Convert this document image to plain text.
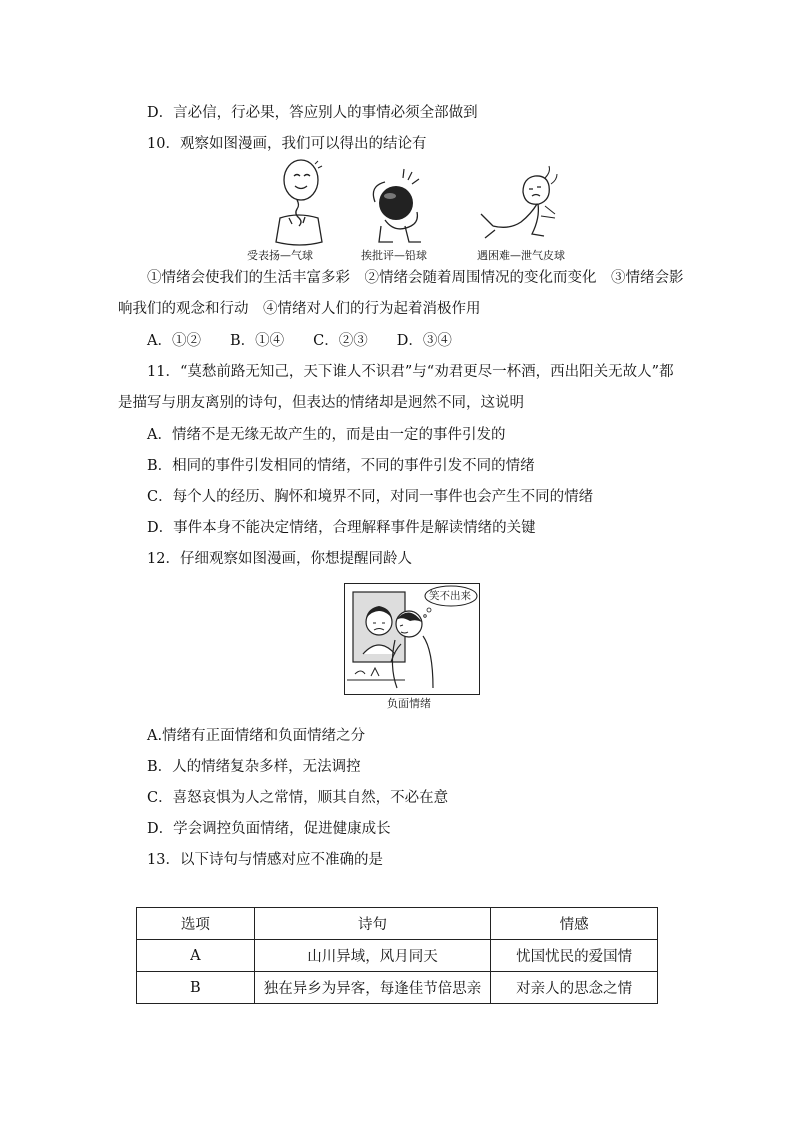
D．言必信，行必果，答应别人的事情必须全部做到
10．观察如图漫画，我们可以得出的结论有
受表扬—气球	挨批评—铅球	遇困难—泄气皮球
①情绪会使我们的生活丰富多彩　②情绪会随着周围情况的变化而变化　③情绪会影
响我们的观念和行动　④情绪对人们的行为起着消极作用
A．①②　　B．①④　　C．②③　　D．③④
11．“莫愁前路无知己，天下谁人不识君”与“劝君更尽一杯酒，西出阳关无故人”都
是描写与朋友离别的诗句，但表达的情绪却是迥然不同，这说明
A．情绪不是无缘无故产生的，而是由一定的事件引发的
B．相同的事件引发相同的情绪，不同的事件引发不同的情绪
C．每个人的经历、胸怀和境界不同，对同一事件也会产生不同的情绪
D．事件本身不能决定情绪，合理解释事件是解读情绪的关键
12．仔细观察如图漫画，你想提醒同龄人
笑不出来
负面情绪
A.情绪有正面情绪和负面情绪之分
B．人的情绪复杂多样，无法调控
C．喜怒哀惧为人之常情，顺其自然，不必在意
D．学会调控负面情绪，促进健康成长
13．以下诗句与情感对应不准确的是
选项	诗句	情感
A	山川异域，风月同天	忧国忧民的爱国情
B	独在异乡为异客，每逢佳节倍思亲	对亲人的思念之情
